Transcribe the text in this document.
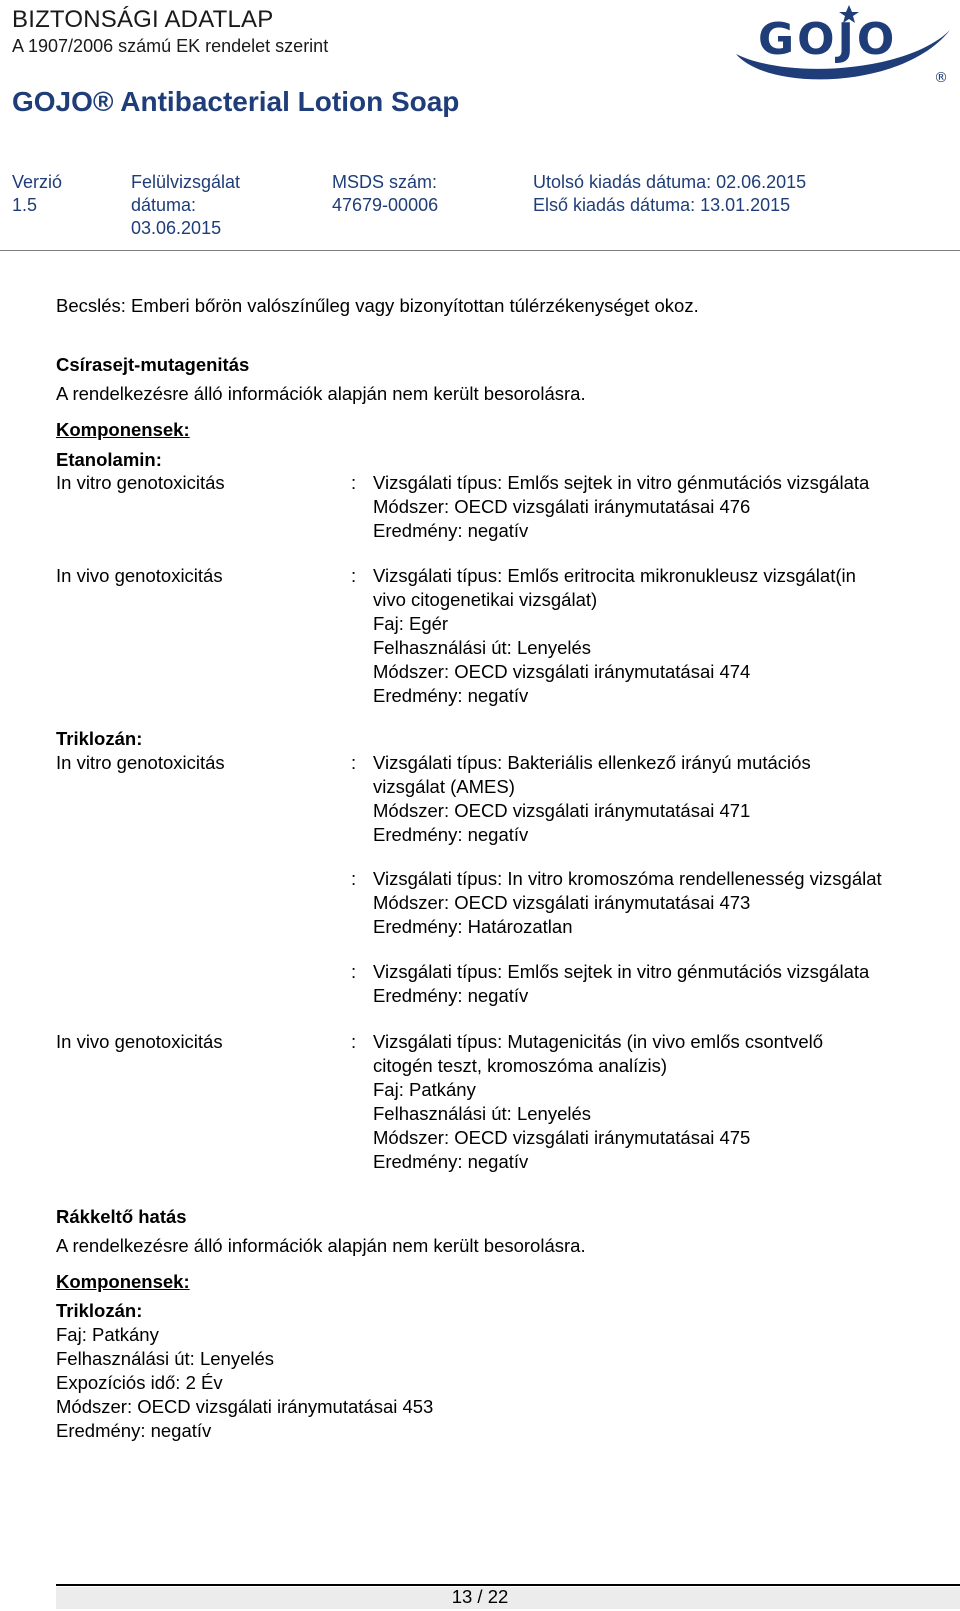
BIZTONSÁGI ADATLAP
A 1907/2006 számú EK rendelet szerint
GOJO® Antibacterial Lotion Soap
GOJO
®
Verzió
1.5
Felülvizsgálat
dátuma:
03.06.2015
MSDS szám:
47679-00006
Utolsó kiadás dátuma: 02.06.2015
Első kiadás dátuma: 13.01.2015
Becslés: Emberi bőrön valószínűleg vagy bizonyítottan túlérzékenységet okoz.
Csírasejt-mutagenitás
A rendelkezésre álló információk alapján nem került besorolásra.
Komponensek:
Etanolamin:
In vitro genotoxicitás	: Vizsgálati típus: Emlős sejtek in vitro génmutációs vizsgálata
Módszer: OECD vizsgálati iránymutatásai 476
Eredmény: negatív
In vivo genotoxicitás	: Vizsgálati típus: Emlős eritrocita mikronukleusz vizsgálat(in
vivo citogenetikai vizsgálat)
Faj: Egér
Felhasználási út: Lenyelés
Módszer: OECD vizsgálati iránymutatásai 474
Eredmény: negatív
Triklozán:
In vitro genotoxicitás	: Vizsgálati típus: Bakteriális ellenkező irányú mutációs
vizsgálat (AMES)
Módszer: OECD vizsgálati iránymutatásai 471
Eredmény: negatív
: Vizsgálati típus: In vitro kromoszóma rendellenesség vizsgálat
Módszer: OECD vizsgálati iránymutatásai 473
Eredmény: Határozatlan
: Vizsgálati típus: Emlős sejtek in vitro génmutációs vizsgálata
Eredmény: negatív
In vivo genotoxicitás	: Vizsgálati típus: Mutagenicitás (in vivo emlős csontvelő
citogén teszt, kromoszóma analízis)
Faj: Patkány
Felhasználási út: Lenyelés
Módszer: OECD vizsgálati iránymutatásai 475
Eredmény: negatív
Rákkeltő hatás
A rendelkezésre álló információk alapján nem került besorolásra.
Komponensek:
Triklozán:
Faj: Patkány
Felhasználási út: Lenyelés
Expozíciós idő: 2 Év
Módszer: OECD vizsgálati iránymutatásai 453
Eredmény: negatív
13 / 22
